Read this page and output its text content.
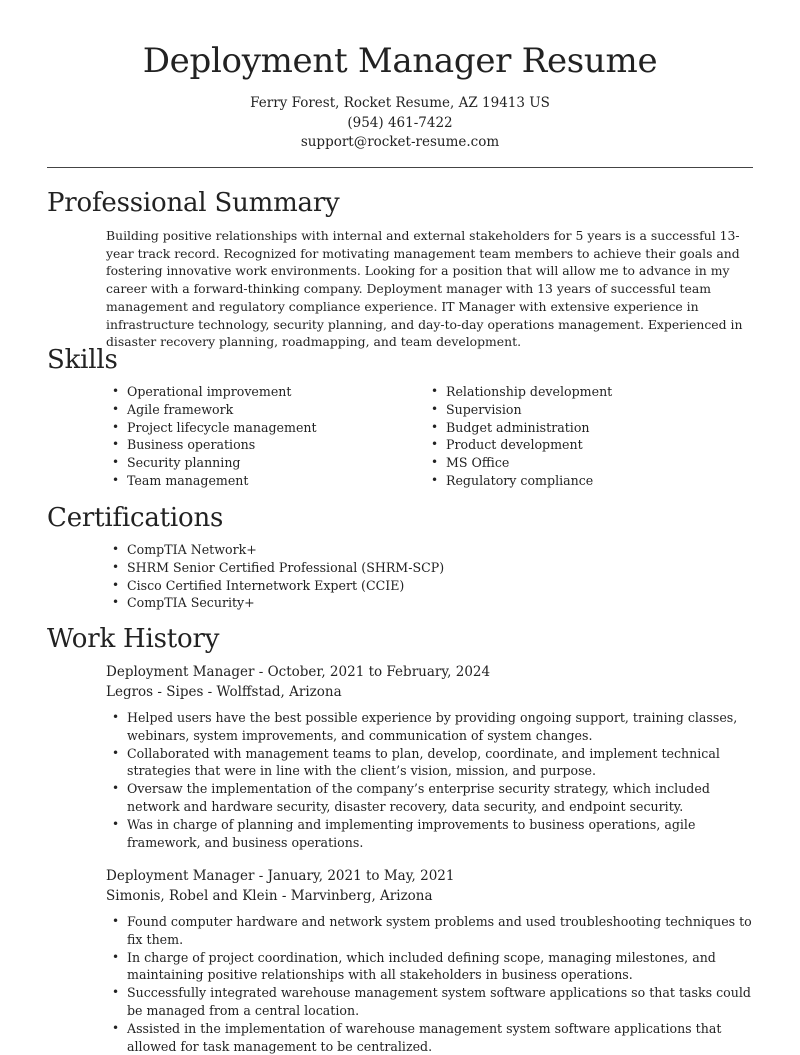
Deployment Manager Resume
Ferry Forest, Rocket Resume, AZ 19413 US
(954) 461-7422
support@rocket-resume.com
Professional Summary

Building positive relationships with internal and external stakeholders for 5 years is a successful 13-year track record. Recognized for motivating management team members to achieve their goals and fostering innovative work environments. Looking for a position that will allow me to advance in my career with a forward-thinking company. Deployment manager with 13 years of successful team management and regulatory compliance experience. IT Manager with extensive experience in infrastructure technology, security planning, and day-to-day operations management. Experienced in disaster recovery planning, roadmapping, and team development.

Skills
• Operational improvement
• Agile framework
• Project lifecycle management
• Business operations
• Security planning
• Team management
• Relationship development
• Supervision
• Budget administration
• Product development
• MS Office
• Regulatory compliance
Certifications
• CompTIA Network+
• SHRM Senior Certified Professional (SHRM-SCP)
• Cisco Certified Internetwork Expert (CCIE)
• CompTIA Security+
Work History
Deployment Manager - October, 2021 to February, 2024
Legros - Sipes - Wolffstad, Arizona
• Helped users have the best possible experience by providing ongoing support, training classes, webinars, system improvements, and communication of system changes.
• Collaborated with management teams to plan, develop, coordinate, and implement technical strategies that were in line with the client’s vision, mission, and purpose.
• Oversaw the implementation of the company’s enterprise security strategy, which included network and hardware security, disaster recovery, data security, and endpoint security.
• Was in charge of planning and implementing improvements to business operations, agile framework, and business operations.
Deployment Manager - January, 2021 to May, 2021
Simonis, Robel and Klein - Marvinberg, Arizona
• Found computer hardware and network system problems and used troubleshooting techniques to fix them.
• In charge of project coordination, which included defining scope, managing milestones, and maintaining positive relationships with all stakeholders in business operations.
• Successfully integrated warehouse management system software applications so that tasks could be managed from a central location.
• Assisted in the implementation of warehouse management system software applications that allowed for task management to be centralized.
